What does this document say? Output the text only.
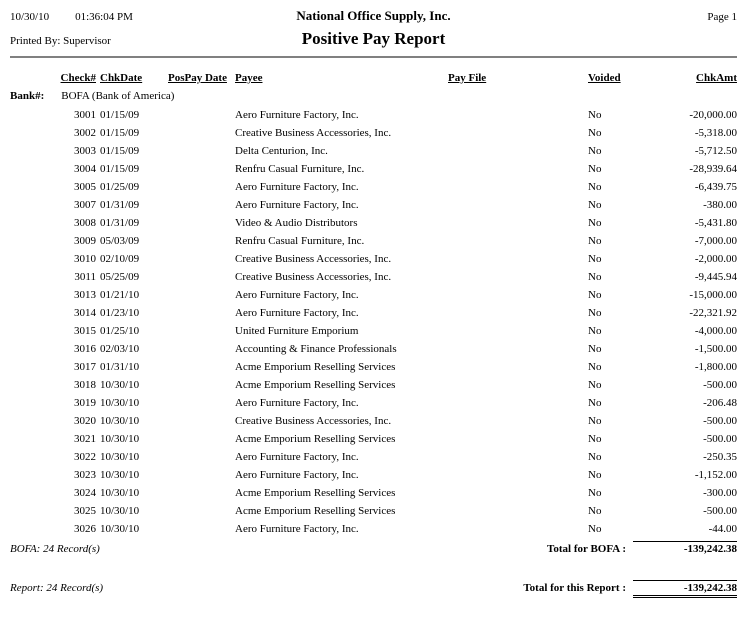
10/30/10 01:36:04 PM	National Office Supply, Inc.	Page 1
Printed By: Supervisor	Positive Pay Report
Check# ChkDate	PosPay Date Payee	Pay File	Voided	ChkAmt
Bank#: BOFA (Bank of America)
3001 01/15/09	Aero Furniture Factory, Inc.	No	-20,000.00
3002 01/15/09	Creative Business Accessories, Inc.	No	-5,318.00
3003 01/15/09	Delta Centurion, Inc.	No	-5,712.50
3004 01/15/09	Renfru Casual Furniture, Inc.	No	-28,939.64
3005 01/25/09	Aero Furniture Factory, Inc.	No	-6,439.75
3007 01/31/09	Aero Furniture Factory, Inc.	No	-380.00
3008 01/31/09	Video & Audio Distributors	No	-5,431.80
3009 05/03/09	Renfru Casual Furniture, Inc.	No	-7,000.00
3010 02/10/09	Creative Business Accessories, Inc.	No	-2,000.00
3011 05/25/09	Creative Business Accessories, Inc.	No	-9,445.94
3013 01/21/10	Aero Furniture Factory, Inc.	No	-15,000.00
3014 01/23/10	Aero Furniture Factory, Inc.	No	-22,321.92
3015 01/25/10	United Furniture Emporium	No	-4,000.00
3016 02/03/10	Accounting & Finance Professionals	No	-1,500.00
3017 01/31/10	Acme Emporium Reselling Services	No	-1,800.00
3018 10/30/10	Acme Emporium Reselling Services	No	-500.00
3019 10/30/10	Aero Furniture Factory, Inc.	No	-206.48
3020 10/30/10	Creative Business Accessories, Inc.	No	-500.00
3021 10/30/10	Acme Emporium Reselling Services	No	-500.00
3022 10/30/10	Aero Furniture Factory, Inc.	No	-250.35
3023 10/30/10	Aero Furniture Factory, Inc.	No	-1,152.00
3024 10/30/10	Acme Emporium Reselling Services	No	-300.00
3025 10/30/10	Acme Emporium Reselling Services	No	-500.00
3026 10/30/10	Aero Furniture Factory, Inc.	No	-44.00
BOFA: 24 Record(s)	Total for BOFA :	-139,242.38
Report: 24 Record(s)	Total for this Report :	-139,242.38
